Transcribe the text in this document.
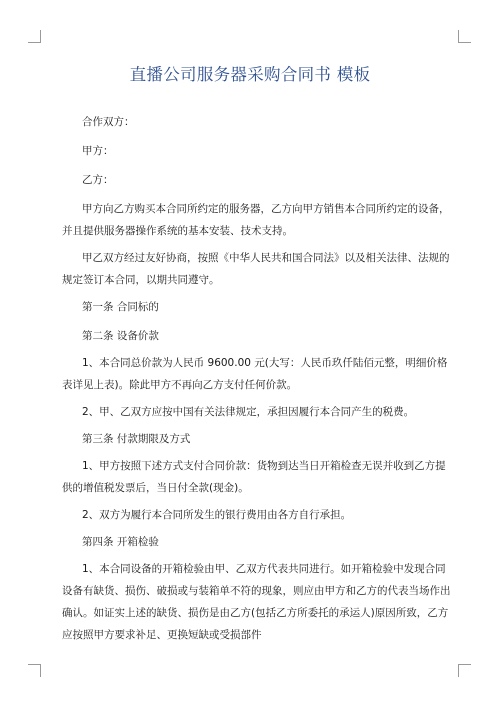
直播公司服务器采购合同书 模板

合作双方：

甲方：

乙方：

甲方向乙方购买本合同所约定的服务器，乙方向甲方销售本合同所约定的设备，
并且提供服务器操作系统的基本安装、技术支持。

甲乙双方经过友好协商，按照《中华人民共和国合同法》以及相关法律、法规的
规定签订本合同，以期共同遵守。

第一条 合同标的

第二条 设备价款

1、本合同总价款为人民币 9600.00 元(大写：人民币玖仟陆佰元整，明细价格
表详见上表)。除此甲方不再向乙方支付任何价款。

2、甲、乙双方应按中国有关法律规定，承担因履行本合同产生的税费。

第三条 付款期限及方式

1、甲方按照下述方式支付合同价款：货物到达当日开箱检查无误并收到乙方提
供的增值税发票后，当日付全款(现金)。

2、双方为履行本合同所发生的银行费用由各方自行承担。

第四条 开箱检验

1、本合同设备的开箱检验由甲、乙双方代表共同进行。如开箱检验中发现合同
设备有缺货、损伤、破损或与装箱单不符的现象，则应由甲方和乙方的代表当场作出
确认。如证实上述的缺货、损伤是由乙方(包括乙方所委托的承运人)原因所致，乙方
应按照甲方要求补足、更换短缺或受损部件
